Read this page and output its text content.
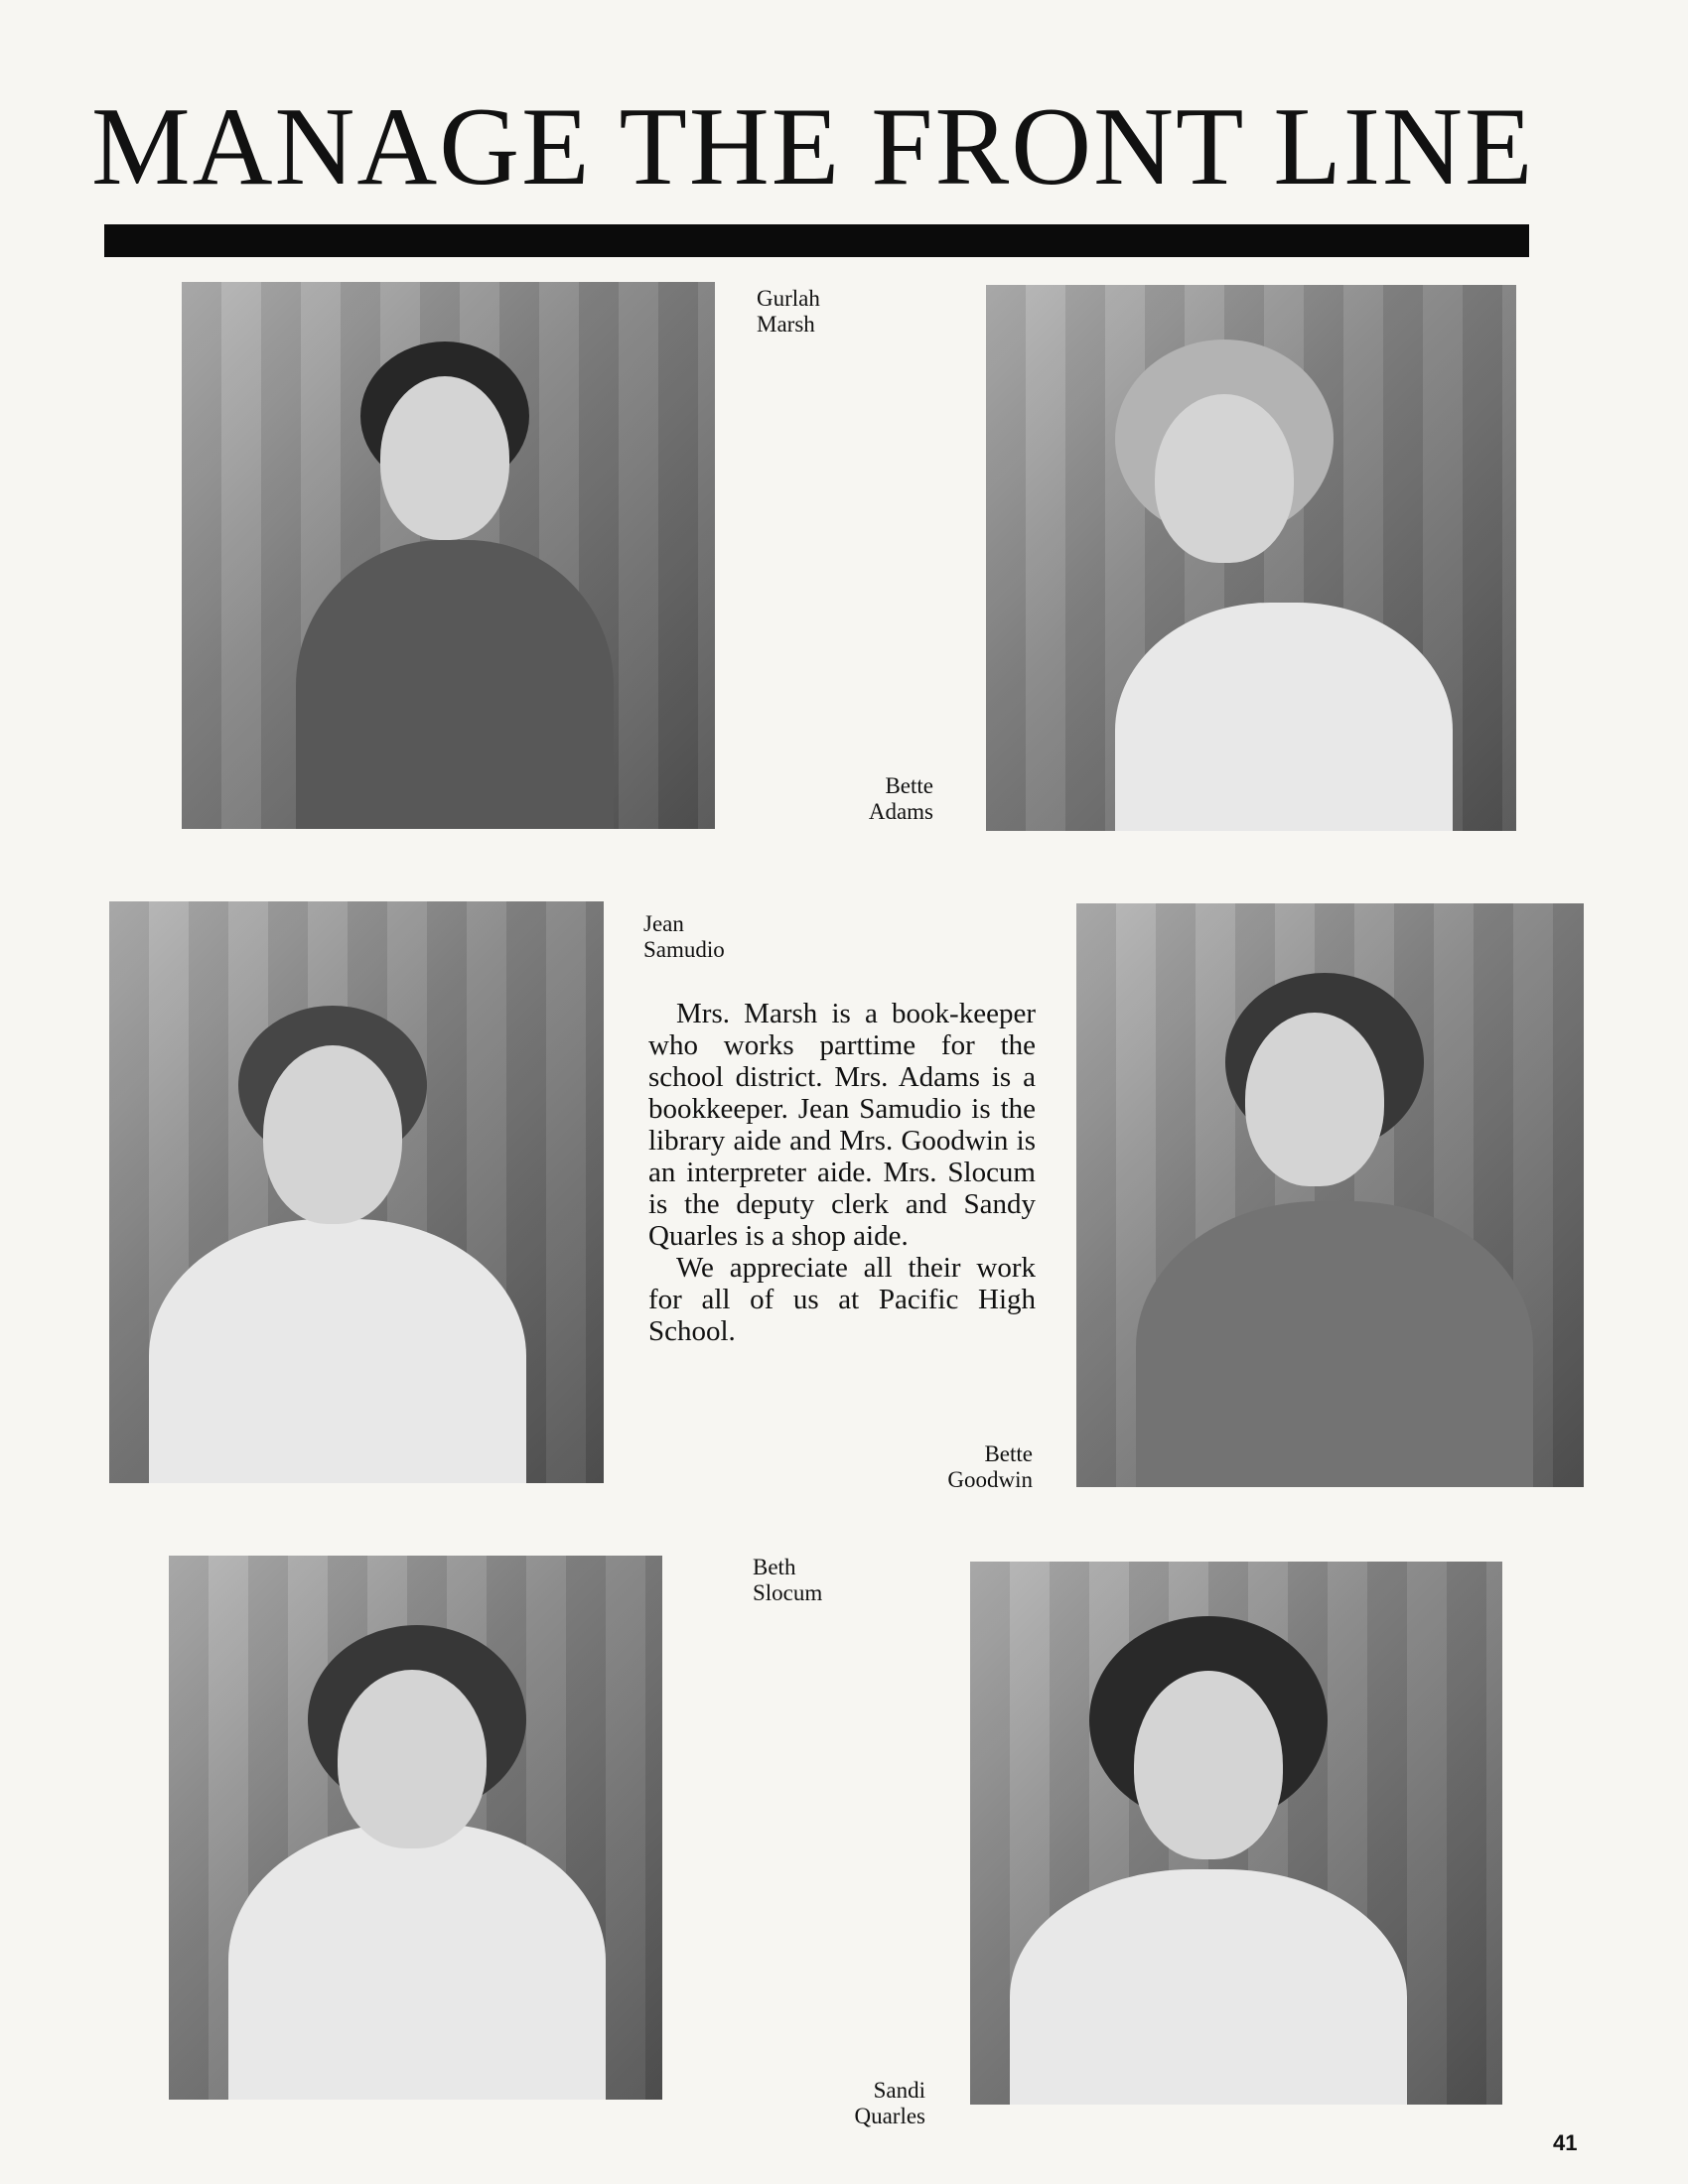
MANAGE THE FRONT LINE
Gurlah
Marsh
Bette
Adams
Jean
Samudio

Mrs. Marsh is a book-keeper who works parttime for the school district. Mrs. Adams is a bookkeeper. Jean Samudio is the library aide and Mrs. Goodwin is an interpreter aide. Mrs. Slocum is the deputy clerk and Sandy Quarles is a shop aide.

We appreciate all their work for all of us at Pacific High School.

Bette
Goodwin
Beth
Slocum
Sandi
Quarles
41
